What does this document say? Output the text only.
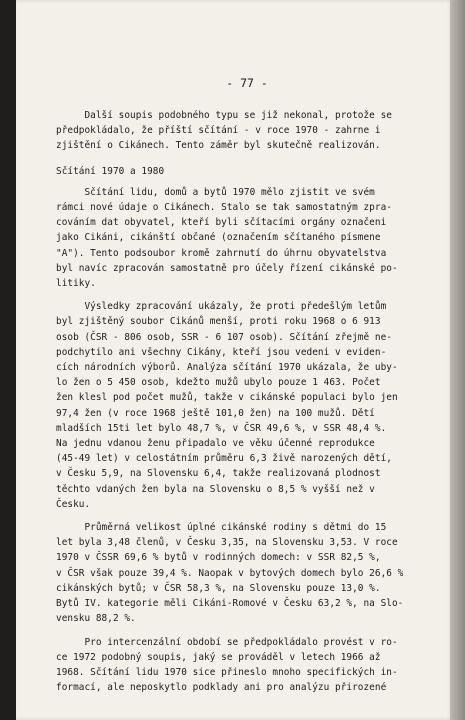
- 77 -

Další soupis podobného typu se již nekonal, protože se

předpokládalo, že příští sčítání - v roce 1970 - zahrne i

zjištění o Cikánech. Tento záměr byl skutečně realizován.

Sčítání 1970 a 1980

Sčítání lidu, domů a bytů 1970 mělo zjistit ve svém

rámci nové údaje o Cikánech. Stalo se tak samostatným zpra-

cováním dat obyvatel, kteří byli sčítacími orgány označeni

jako Cikáni, cikánští občané (označením sčítaného písmene

"A"). Tento podsoubor kromě zahrnutí do úhrnu obyvatelstva

byl navíc zpracován samostatně pro účely řízení cikánské po-

litiky.

Výsledky zpracování ukázaly, že proti předešlým letům

byl zjištěný soubor Cikánů menší, proti roku 1968 o 6 913

osob (ČSR - 806 osob, SSR - 6 107 osob). Sčítání zřejmě ne-

podchytilo ani všechny Cikány, kteří jsou vedeni v eviden-

cích národních výborů. Analýza sčítání 1970 ukázala, že uby-

lo žen o 5 450 osob, kdežto mužů ubylo pouze 1 463. Počet

žen klesl pod počet mužů, takže v cikánské populaci bylo jen

97,4 žen (v roce 1968 ještě 101,0 žen) na 100 mužů. Dětí

mladších 15ti let bylo 48,7 %, v ČSR 49,6 %, v SSR 48,4 %.

Na jednu vdanou ženu připadalo ve věku účenné reprodukce

(45-49 let) v celostátním průměru 6,3 živě narozených dětí,

v Česku 5,9, na Slovensku 6,4, takže realizovaná plodnost

těchto vdaných žen byla na Slovensku o 8,5 % vyšší než v

Česku.

Průměrná velikost úplné cikánské rodiny s dětmi do 15

let byla 3,48 členů, v Česku 3,35, na Slovensku 3,53. V roce

1970 v ČSSR 69,6 % bytů v rodinných domech: v SSR 82,5 %,

v ČSR však pouze 39,4 %. Naopak v bytových domech bylo 26,6 %

cikánských bytů; v ČSR 58,3 %, na Slovensku pouze 13,0 %.

Bytů IV. kategorie měli Cikáni-Romové v Česku 63,2 %, na Slo-

vensku 88,2 %.

Pro intercenzální období se předpokládalo provést v ro-

ce 1972 podobný soupis, jaký se prováděl v letech 1966 až

1968. Sčítání lidu 1970 sice přineslo mnoho specifických in-

formací, ale neposkytlo podklady ani pro analýzu přirozené
